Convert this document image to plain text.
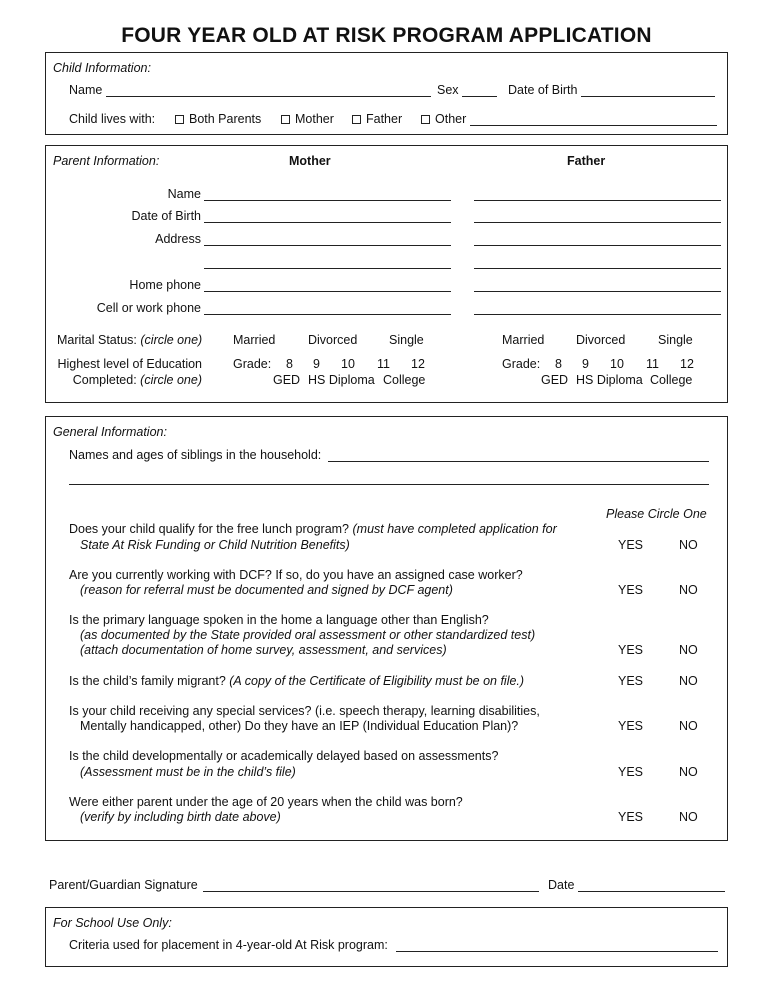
FOUR YEAR OLD AT RISK PROGRAM APPLICATION
Child Information:
Name	Sex	Date of Birth
Child lives with:	Both Parents	Mother	Father	Other
Parent Information:	Mother	Father
Name
Date of Birth
Address
Home phone
Cell or work phone
Marital Status: (circle one) Married	Divorced	Single	Married	Divorced	Single
Highest level of Education
Completed: (circle one)
Grade: 8 9 10 11 12
GED HS Diploma College
Grade: 8 9 10 11 12
GED HS Diploma College
General Information:
Names and ages of siblings in the household:
Please Circle One
Does your child qualify for the free lunch program? (must have completed application for
State At Risk Funding or Child Nutrition Benefits)	YES	NO
Are you currently working with DCF? If so, do you have an assigned case worker?
(reason for referral must be documented and signed by DCF agent)	YES	NO
Is the primary language spoken in the home a language other than English?
(as documented by the State provided oral assessment or other standardized test)
(attach documentation of home survey, assessment, and services)	YES	NO
Is the child’s family migrant? (A copy of the Certificate of Eligibility must be on file.)	YES	NO
Is your child receiving any special services? (i.e. speech therapy, learning disabilities,
Mentally handicapped, other) Do they have an IEP (Individual Education Plan)?	YES	NO
Is the child developmentally or academically delayed based on assessments?
(Assessment must be in the child’s file)	YES	NO
Were either parent under the age of 20 years when the child was born?
(verify by including birth date above)	YES	NO
Parent/Guardian Signature	Date
For School Use Only:
Criteria used for placement in 4-year-old At Risk program:
